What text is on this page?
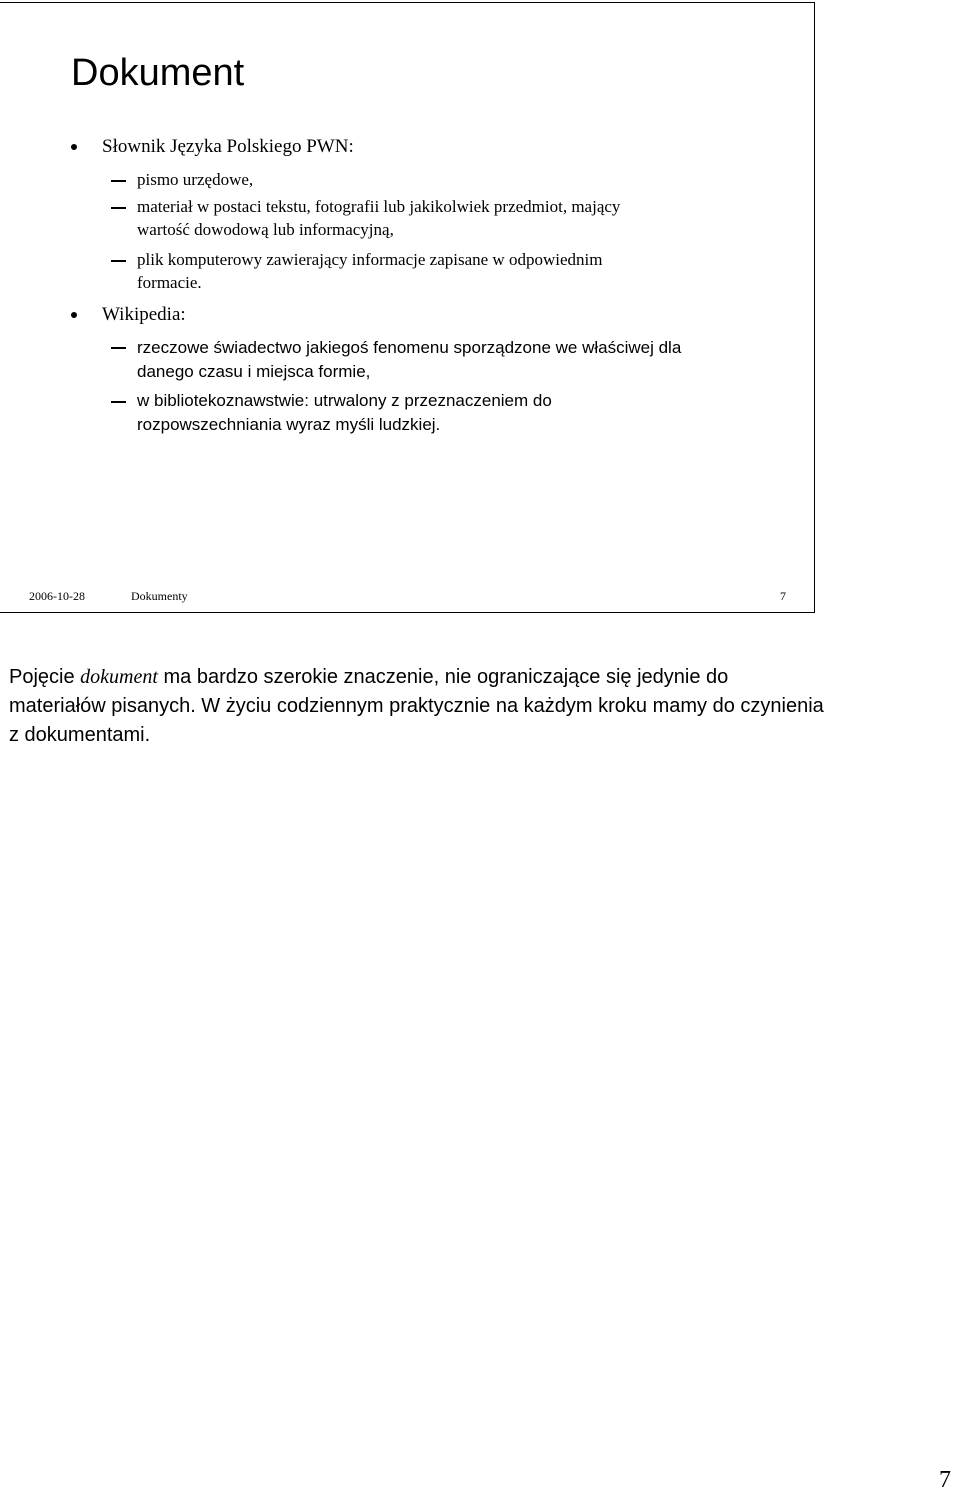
Dokument
Słownik Języka Polskiego PWN:
pismo urzędowe,
materiał w postaci tekstu, fotografii lub jakikolwiek przedmiot, mający
wartość dowodową lub informacyjną,
plik komputerowy zawierający informacje zapisane w odpowiednim
formacie.
Wikipedia:
rzeczowe świadectwo jakiegoś fenomenu sporządzone we właściwej dla
danego czasu i miejsca formie,
w bibliotekoznawstwie: utrwalony z przeznaczeniem do
rozpowszechniania wyraz myśli ludzkiej.
2006-10-28	Dokumenty	7
Pojęcie dokument ma bardzo szerokie znaczenie, nie ograniczające się jedynie do materiałów pisanych. W życiu codziennym praktycznie na każdym kroku mamy do czynienia z dokumentami.
7
